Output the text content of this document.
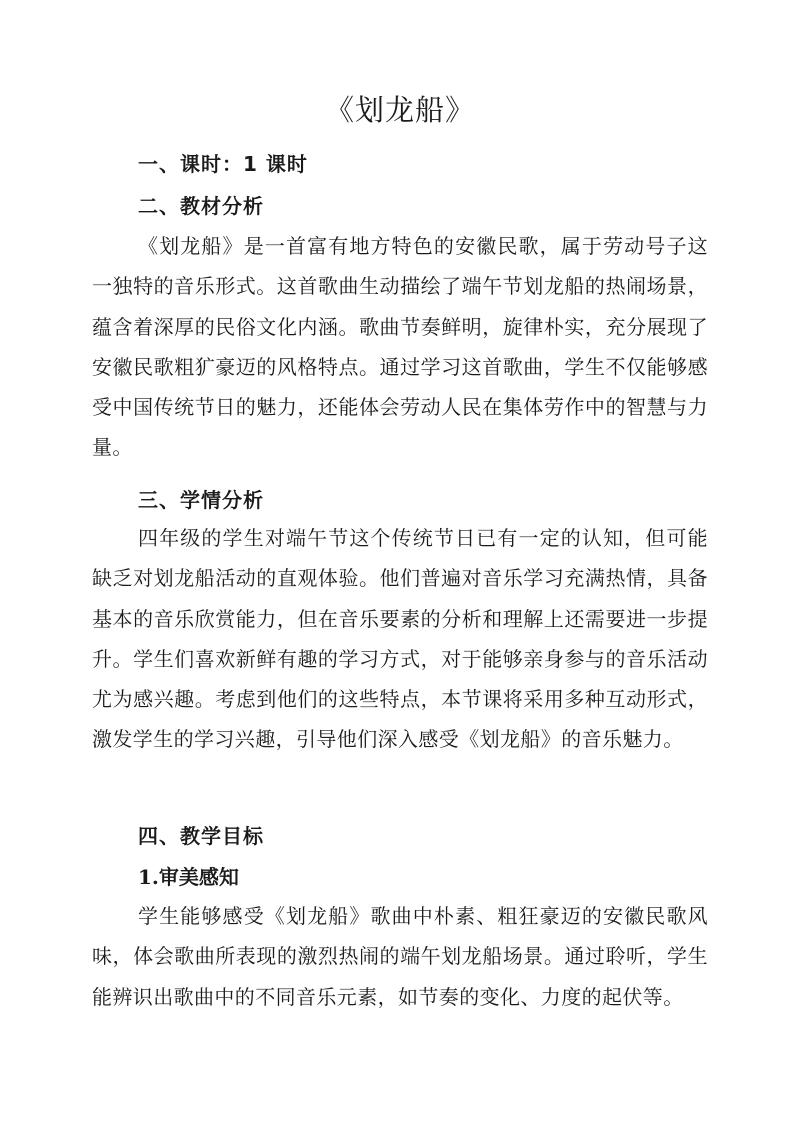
《划龙船》
一、课时：1 课时
二、教材分析

《划龙船》是一首富有地方特色的安徽民歌，属于劳动号子这一独特的音乐形式。这首歌曲生动描绘了端午节划龙船的热闹场景，蕴含着深厚的民俗文化内涵。歌曲节奏鲜明，旋律朴实，充分展现了安徽民歌粗犷豪迈的风格特点。通过学习这首歌曲，学生不仅能够感受中国传统节日的魅力，还能体会劳动人民在集体劳作中的智慧与力量。

三、学情分析

四年级的学生对端午节这个传统节日已有一定的认知，但可能缺乏对划龙船活动的直观体验。他们普遍对音乐学习充满热情，具备基本的音乐欣赏能力，但在音乐要素的分析和理解上还需要进一步提升。学生们喜欢新鲜有趣的学习方式，对于能够亲身参与的音乐活动尤为感兴趣。考虑到他们的这些特点，本节课将采用多种互动形式，激发学生的学习兴趣，引导他们深入感受《划龙船》的音乐魅力。

四、教学目标
1.审美感知

学生能够感受《划龙船》歌曲中朴素、粗狂豪迈的安徽民歌风味，体会歌曲所表现的激烈热闹的端午划龙船场景。通过聆听，学生能辨识出歌曲中的不同音乐元素，如节奏的变化、力度的起伏等。
